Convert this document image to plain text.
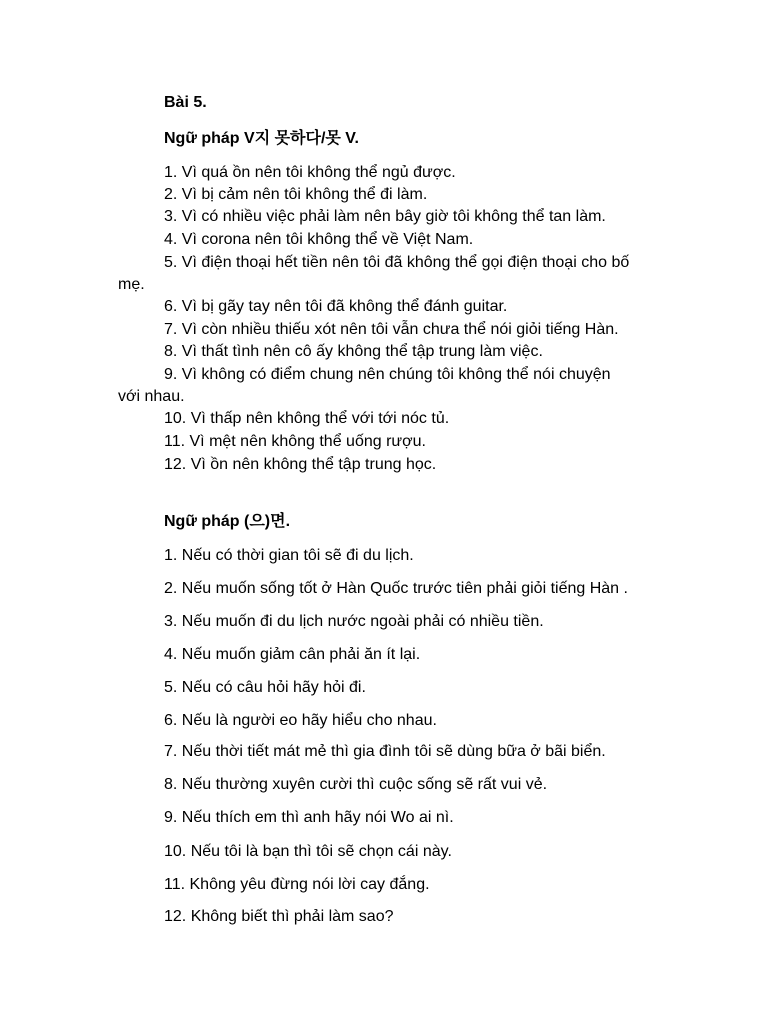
Bài 5.
Ngữ pháp V지 못하다/못 V.
1. Vì quá ồn nên tôi không thể ngủ được.
2. Vì bị cảm nên tôi không thể đi làm.
3. Vì có nhiều việc phải làm nên bây giờ tôi không thể tan làm.
4. Vì corona nên tôi không thể về Việt Nam.
5. Vì điện thoại hết tiền nên tôi đã không thể gọi điện thoại cho bố
mẹ.
6. Vì bị gãy tay nên tôi đã không thể đánh guitar.
7. Vì còn nhiều thiếu xót nên tôi vẫn chưa thể nói giỏi tiếng Hàn.
8. Vì thất tình nên cô ấy không thể tập trung làm việc.
9. Vì không có điểm chung nên chúng tôi không thể nói chuyện
với nhau.
10. Vì thấp nên không thể với tới nóc tủ.
11. Vì mệt nên không thể uống rượu.
12. Vì ồn nên không thể tập trung học.
Ngữ pháp (으)면.
1. Nếu có thời gian tôi sẽ đi du lịch.
2. Nếu muốn sống tốt ở Hàn Quốc trước tiên phải giỏi tiếng Hàn .
3. Nếu muốn đi du lịch nước ngoài phải có nhiều tiền.
4. Nếu muốn giảm cân phải ăn ít lại.
5. Nếu có câu hỏi hãy hỏi đi.
6. Nếu là người eo hãy hiểu cho nhau.
7. Nếu thời tiết mát mẻ thì gia đình tôi sẽ dùng bữa ở bãi biển.
8. Nếu thường xuyên cười thì cuộc sống sẽ rất vui vẻ.
9. Nếu thích em thì anh hãy nói Wo ai nì.
10. Nếu tôi là bạn thì tôi sẽ chọn cái này.
11. Không yêu đừng nói lời cay đắng.
12. Không biết thì phải làm sao?
